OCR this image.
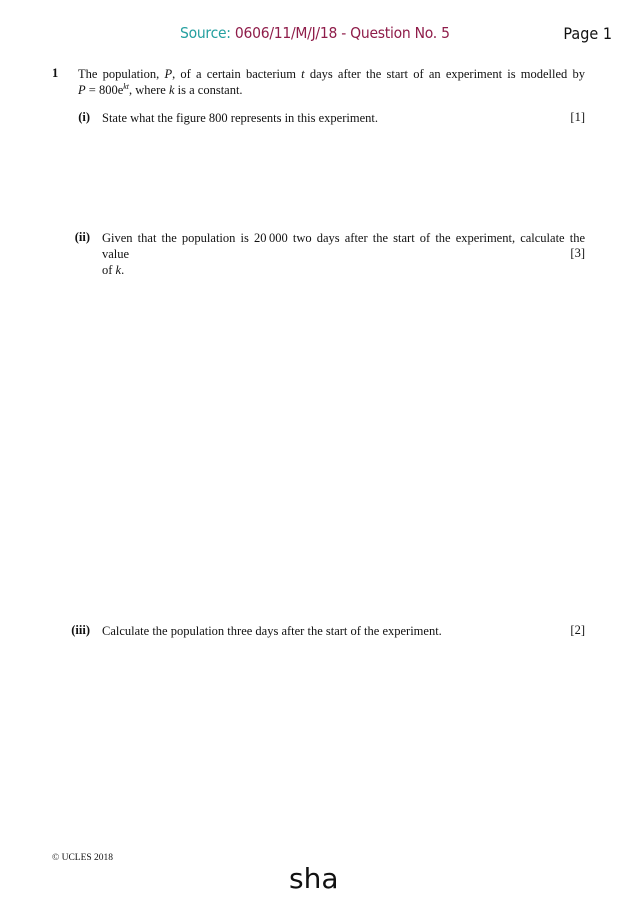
Source: 0606/11/M/J/18 - Question No. 5	Page 1
1 The population, P, of a certain bacterium t days after the start of an experiment is modelled by
$P = 800e^{kt}$, where k is a constant.
(i) State what the figure 800 represents in this experiment.	[1]
(ii) Given that the population is 20 000 two days after the start of the experiment, calculate the value
of k.
[3]
(iii) Calculate the population three days after the start of the experiment.	[2]
© UCLES 2018
sha
